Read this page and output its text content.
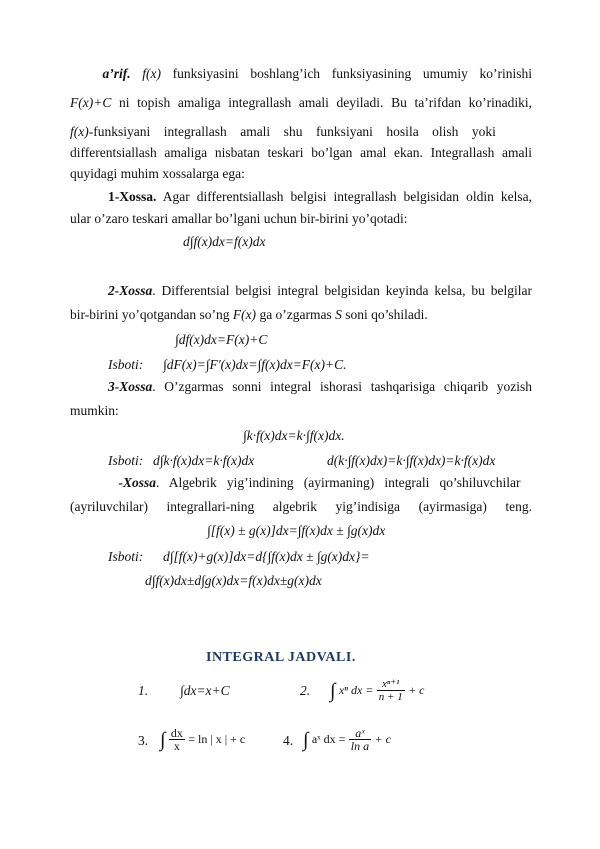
a’rif. f(x) funksiyasini boshlang’ich funksiyasining umumiy ko’rinishi
F(x)+C ni topish amaliga integrallash amali deyiladi. Bu ta’rifdan ko’rinadiki,
f(x)-funksiyani    integrallash    amali    shu    funksiyani    hosila    olish    yoki
differentsiallash amaliga nisbatan teskari bo’lgan amal ekan. Integrallash amali
quyidagi muhim xossalarga ega:
1-Xossa. Agar differentsiallash belgisi integrallash belgisidan oldin kelsa,
ular o’zaro teskari amallar bo’lgani uchun bir-birini yo’qotadi:
d∫f(x)dx=f(x)dx
2-Xossa. Differentsial belgisi integral belgisidan keyinda kelsa, bu belgilar
bir-birini yo’qotgandan so’ng F(x) ga o’zgarmas S soni qo’shiladi.
∫df(x)dx=F(x)+C
Isboti: ∫dF(x)=∫F′(x)dx=∫f(x)dx=F(x)+C.
3-Xossa. O’zgarmas sonni integral ishorasi tashqarisiga chiqarib yozish
mumkin:
∫k·f(x)dx=k·∫f(x)dx.
Isboti: d∫k·f(x)dx=k·f(x)dx	d(k·∫f(x)dx)=k·∫f(x)dx)=k·f(x)dx
-Xossa.   Algebrik   yig’indining   (ayirmaning)   integrali   qo’shiluvchilar
(ayriluvchilar) integrallari-ning algebrik yig’indisiga (ayirmasiga) teng.
∫[f(x) ± g(x)]dx=∫f(x)dx ± ∫g(x)dx
Isboti: d∫[f(x)+g(x)]dx=d{∫f(x)dx ± ∫g(x)dx}=
d∫f(x)dx±d∫g(x)dx=f(x)dx±g(x)dx
INTEGRAL JADVALI.
1. ∫dx=x+C	2. ∫ xⁿ dx = $\frac{\text{xⁿ⁺¹}}{n + 1} + c$
3. ∫ $\frac{dx}{x} = \ln$ | x | + c	4. ∫ aˣ dx = $\frac{\text{aˣ}}{\text{ln a}} + c$
